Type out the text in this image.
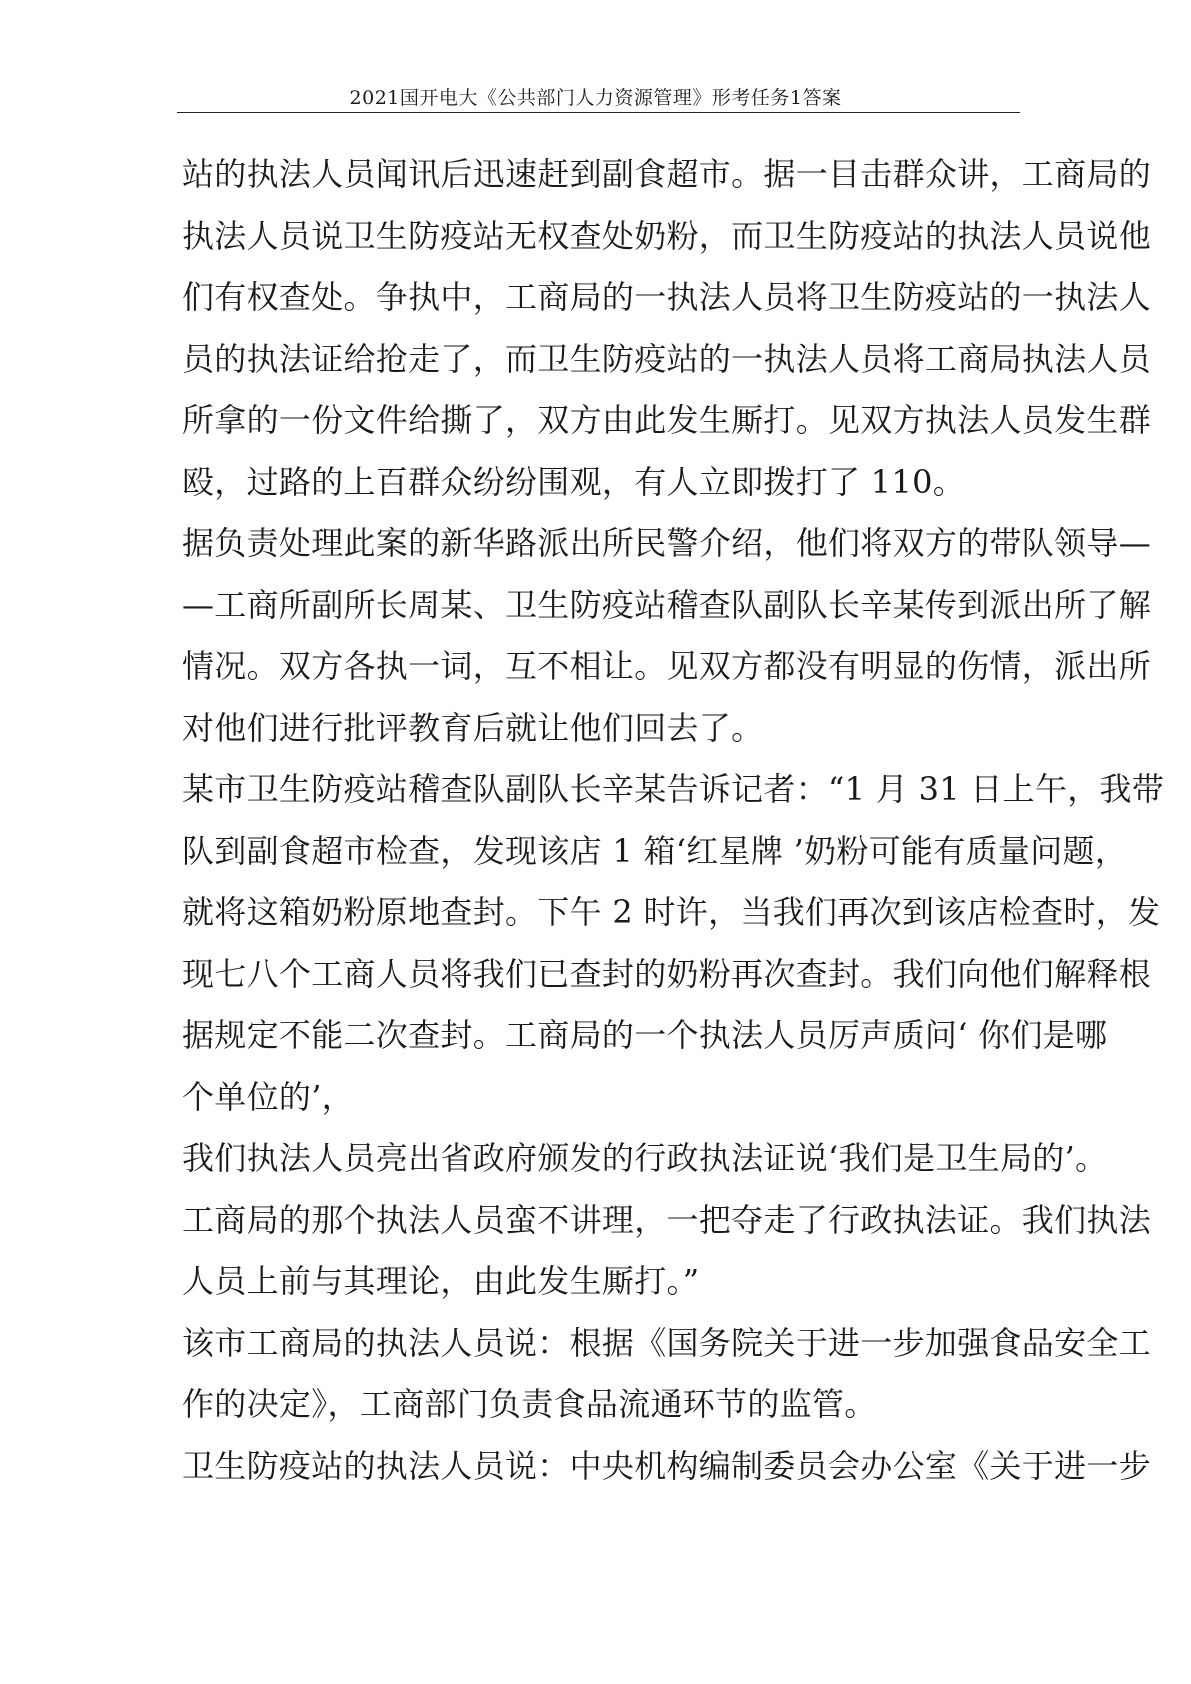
2021国开电大《公共部门人力资源管理》形考任务1答案
站的执法人员闻讯后迅速赶到副食超市。据一目击群众讲，工商局的
执法人员说卫生防疫站无权查处奶粉，而卫生防疫站的执法人员说他
们有权查处。争执中，工商局的一执法人员将卫生防疫站的一执法人
员的执法证给抢走了，而卫生防疫站的一执法人员将工商局执法人员
所拿的一份文件给撕了，双方由此发生厮打。见双方执法人员发生群
殴，过路的上百群众纷纷围观，有人立即拨打了 110。
据负责处理此案的新华路派出所民警介绍，他们将双方的带队领导—
—工商所副所长周某、卫生防疫站稽查队副队长辛某传到派出所了解
情况。双方各执一词，互不相让。见双方都没有明显的伤情，派出所
对他们进行批评教育后就让他们回去了。
某市卫生防疫站稽查队副队长辛某告诉记者：“1 月 31 日上午，我带
队到副食超市检查，发现该店 1 箱‘红星牌 ’奶粉可能有质量问题，
就将这箱奶粉原地查封。下午 2 时许，当我们再次到该店检查时，发
现七八个工商人员将我们已查封的奶粉再次查封。我们向他们解释根
据规定不能二次查封。工商局的一个执法人员厉声质问‘ 你们是哪
个单位的’，
我们执法人员亮出省政府颁发的行政执法证说‘我们是卫生局的’。
工商局的那个执法人员蛮不讲理，一把夺走了行政执法证。我们执法
人员上前与其理论，由此发生厮打。”
该市工商局的执法人员说：根据《国务院关于进一步加强食品安全工
作的决定》，工商部门负责食品流通环节的监管。
卫生防疫站的执法人员说：中央机构编制委员会办公室《关于进一步
